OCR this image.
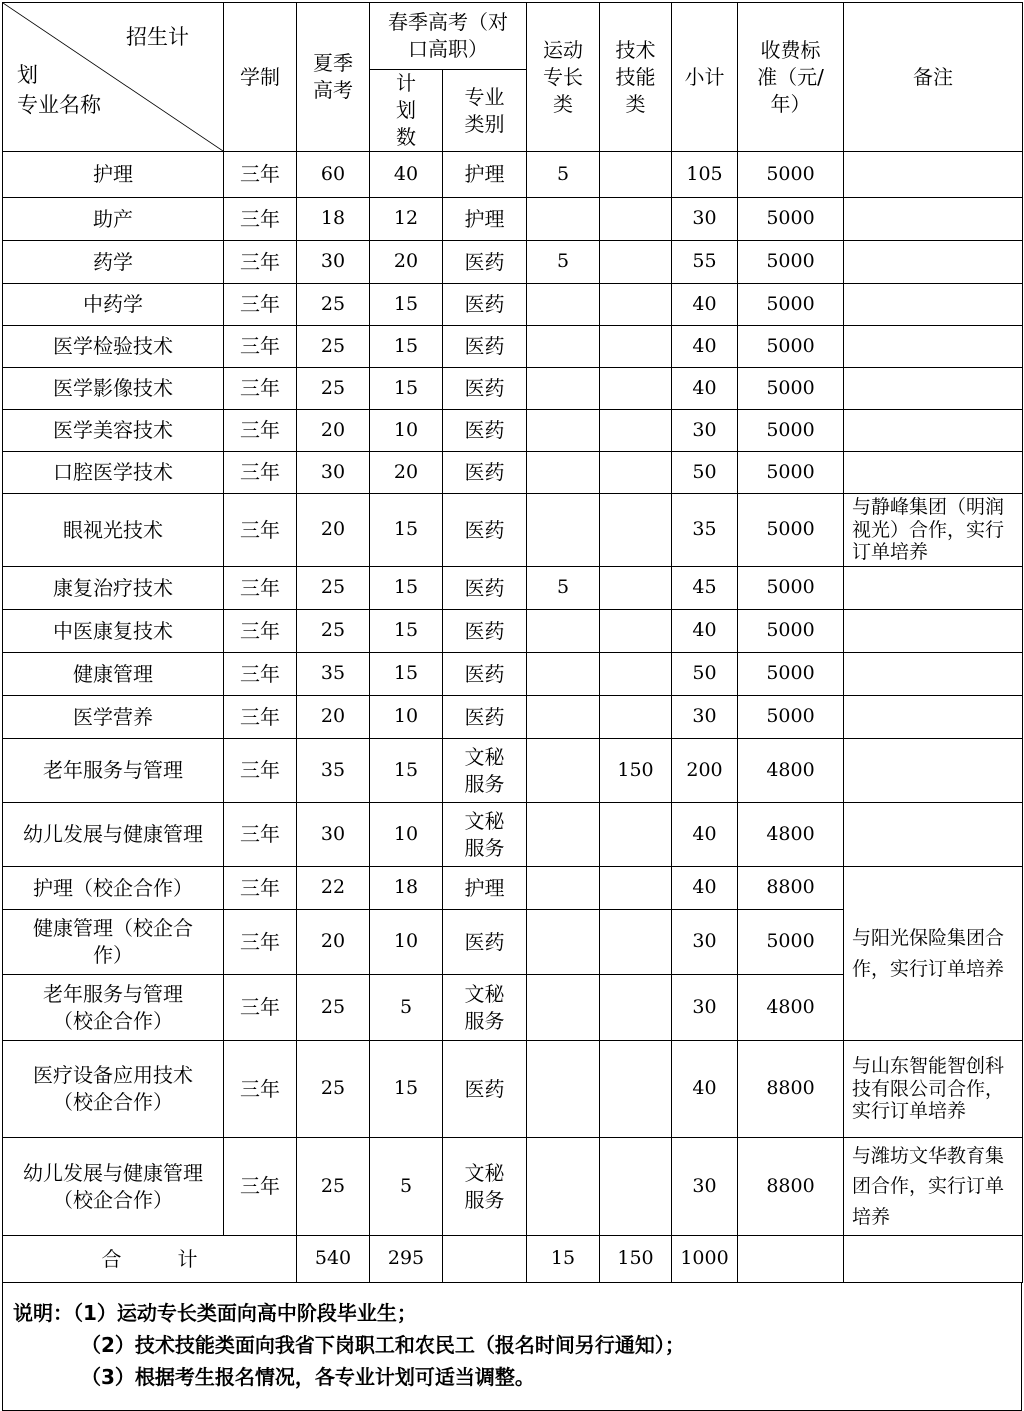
招生计
划
专业名称	学制	夏季高考	春季高考（对口高职）		运动专长类	技术技能类	小计	收费标准（元/年）	备注
			计划数	专业类别					
护理	三年	60	40	护理	5		105	5000	
助产	三年	18	12	护理			30	5000	
药学	三年	30	20	医药	5		55	5000	
中药学	三年	25	15	医药			40	5000	
医学检验技术	三年	25	15	医药			40	5000	
医学影像技术	三年	25	15	医药			40	5000	
医学美容技术	三年	20	10	医药			30	5000	
口腔医学技术	三年	30	20	医药			50	5000	
眼视光技术	三年	20	15	医药			35	5000	与静峰集团（明润视光）合作，实行订单培养
康复治疗技术	三年	25	15	医药	5		45	5000	
中医康复技术	三年	25	15	医药			40	5000	
健康管理	三年	35	15	医药			50	5000	
医学营养	三年	20	10	医药			30	5000	
老年服务与管理	三年	35	15	文秘服务		150	200	4800	
幼儿发展与健康管理	三年	30	10	文秘服务			40	4800	
护理（校企合作）	三年	22	18	护理			40	8800	与阳光保险集团合作，实行订单培养
健康管理（校企合作）	三年	20	10	医药			30	5000	
老年服务与管理（校企合作）	三年	25	5	文秘服务			30	4800	
医疗设备应用技术（校企合作）	三年	25	15	医药			40	8800	与山东智能智创科技有限公司合作，实行订单培养
幼儿发展与健康管理（校企合作）	三年	25	5	文秘服务			30	8800	与潍坊文华教育集团合作，实行订单培养
合 计		540	295		15	150	1000		
说明：（1）运动专长类面向高中阶段毕业生；
（2）技术技能类面向我省下岗职工和农民工（报名时间另行通知）；
（3）根据考生报名情况，各专业计划可适当调整。
